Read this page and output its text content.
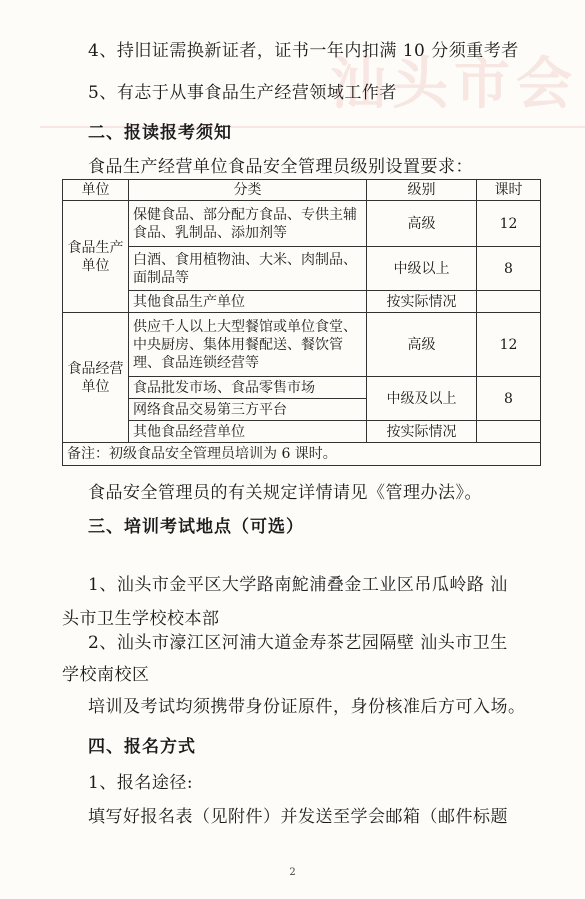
汕头市会
4、持旧证需换新证者，证书一年内扣满 10 分须重考者
5、有志于从事食品生产经营领域工作者
二、报读报考须知
食品生产经营单位食品安全管理员级别设置要求：
单位	分类	级别	课时
食品生产单位	保健食品、部分配方食品、专供主辅食品、乳制品、添加剂等	高级	12
	白酒、食用植物油、大米、肉制品、面制品等	中级以上	8
	其他食品生产单位	按实际情况	
食品经营单位	供应千人以上大型餐馆或单位食堂、中央厨房、集体用餐配送、餐饮管理、食品连锁经营等	高级	12
	食品批发市场、食品零售市场	中级及以上	8
	网络食品交易第三方平台		
	其他食品经营单位	按实际情况	
备注：初级食品安全管理员培训为 6 课时。			
食品安全管理员的有关规定详情请见《管理办法》。
三、培训考试地点（可选）
1、汕头市金平区大学路南鮀浦叠金工业区吊瓜岭路 汕
头市卫生学校校本部
2、汕头市濠江区河浦大道金寿茶艺园隔壁 汕头市卫生
学校南校区
培训及考试均须携带身份证原件，身份核准后方可入场。
四、报名方式
1、报名途径:
填写好报名表（见附件）并发送至学会邮箱（邮件标题
2
